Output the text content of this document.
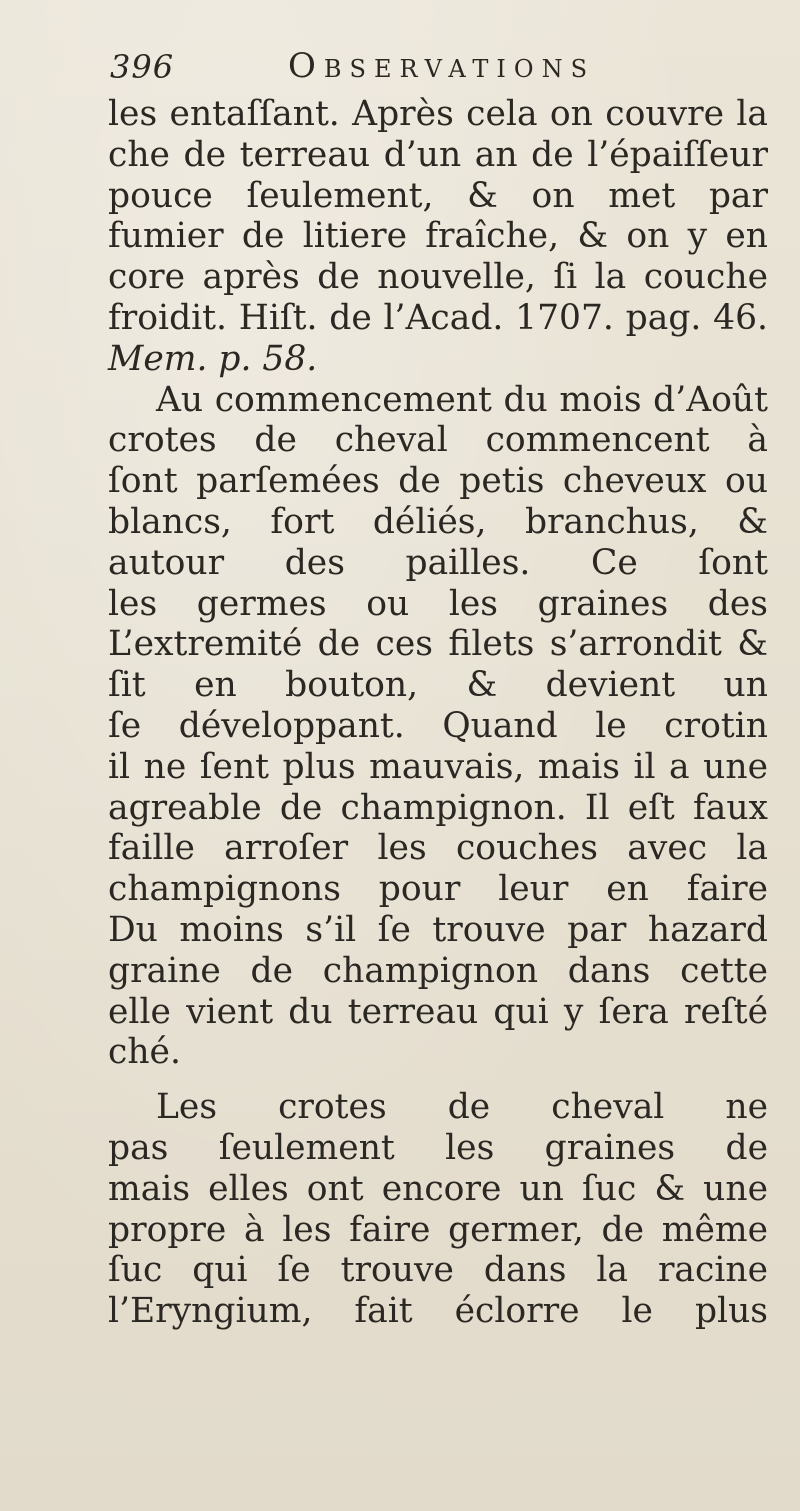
396	Observations
les entaſſant. Après cela on couvre la
che de terreau d’un an de l’épaiſſeur
pouce ſeulement, & on met par
fumier de litiere fraîche, & on y en
core après de nouvelle, ſi la couche
froidit. Hiſt. de l’Acad. 1707. pag. 46.
Mem. p. 58.
Au commencement du mois d’Août
crotes de cheval commencent à
ſont parſemées de petis cheveux ou
blancs, fort déliés, branchus, &
autour des pailles. Ce ſont
les germes ou les graines des
L’extremité de ces filets s’arrondit &
ſit en bouton, & devient un
ſe développant. Quand le crotin
il ne ſent plus mauvais, mais il a une
agreable de champignon. Il eſt faux
faille arroſer les couches avec la
champignons pour leur en faire
Du moins s’il ſe trouve par hazard
graine de champignon dans cette
elle vient du terreau qui y ſera reſté
ché.
Les crotes de cheval ne
pas ſeulement les graines de
mais elles ont encore un ſuc & une
propre à les faire germer, de même
ſuc qui ſe trouve dans la racine
l’Eryngium, fait éclorre le plus
